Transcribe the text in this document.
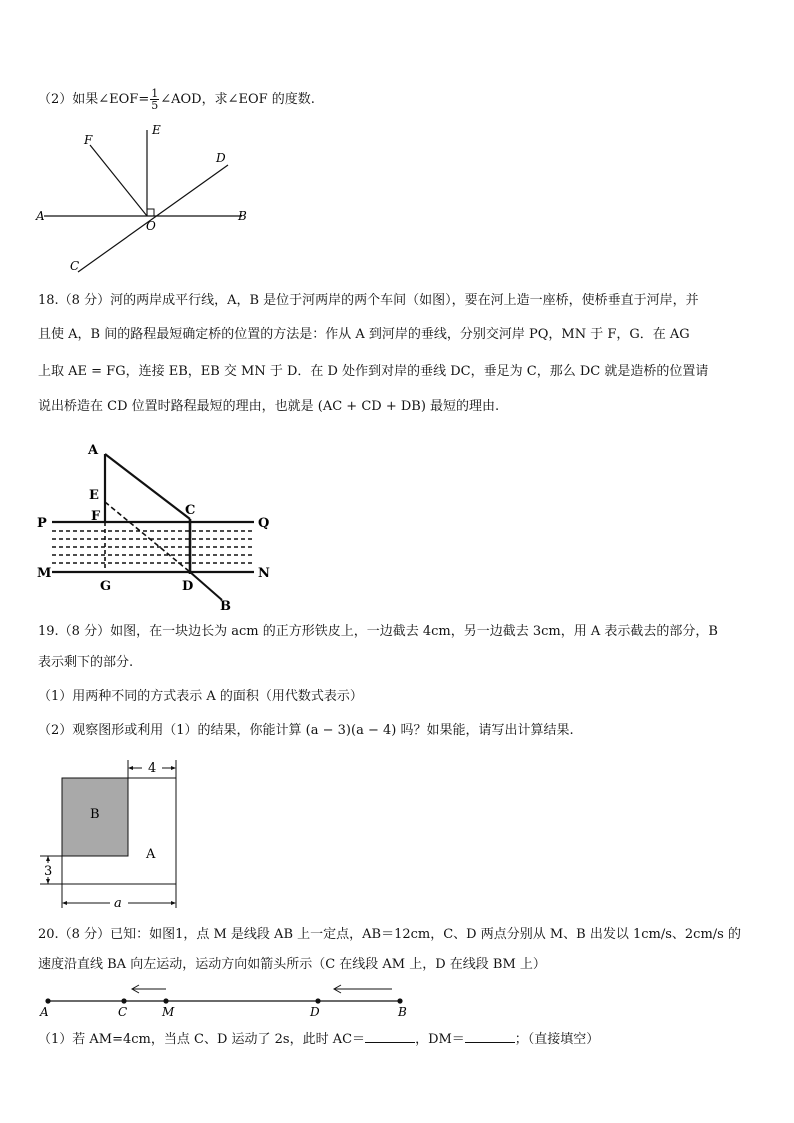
（2）如果∠EOF= $\frac{1}{5}$ ∠AOD，求∠EOF 的度数.
A	B
C
D
E
F
O
18.（8 分）河的两岸成平行线，A，B 是位于河两岸的两个车间（如图），要在河上造一座桥，使桥垂直于河岸，并
且使 A，B 间的路程最短确定桥的位置的方法是：作从 A 到河岸的垂线，分别交河岸 PQ，MN 于 F，G．在 AG
上取 AE = FG，连接 EB，EB 交 MN 于 D．在 D 处作到对岸的垂线 DC，垂足为 C，那么 DC 就是造桥的位置请
说出桥造在 CD 位置时路程最短的理由，也就是 (AC + CD + DB) 最短的理由.
A
E
F	C
P	Q
M	N
G	D
B
19.（8 分）如图，在一块边长为 acm 的正方形铁皮上，一边截去 4cm，另一边截去 3cm，用 A 表示截去的部分，B
表示剩下的部分.
（1）用两种不同的方式表示 A 的面积（用代数式表示）
（2）观察图形或利用（1）的结果，你能计算 (a − 3)(a − 4) 吗？如果能，请写出计算结果.
B
A
4
3
a
20.（8 分）已知：如图1，点 M 是线段 AB 上一定点，AB＝12cm，C、D 两点分别从 M、B 出发以 1cm/s、2cm/s 的
速度沿直线 BA 向左运动，运动方向如箭头所示（C 在线段 AM 上，D 在线段 BM 上）
A	C	M	D	B
（1）若 AM=4cm，当点 C、D 运动了 2s，此时 AC＝	，DM＝	；（直接填空）
